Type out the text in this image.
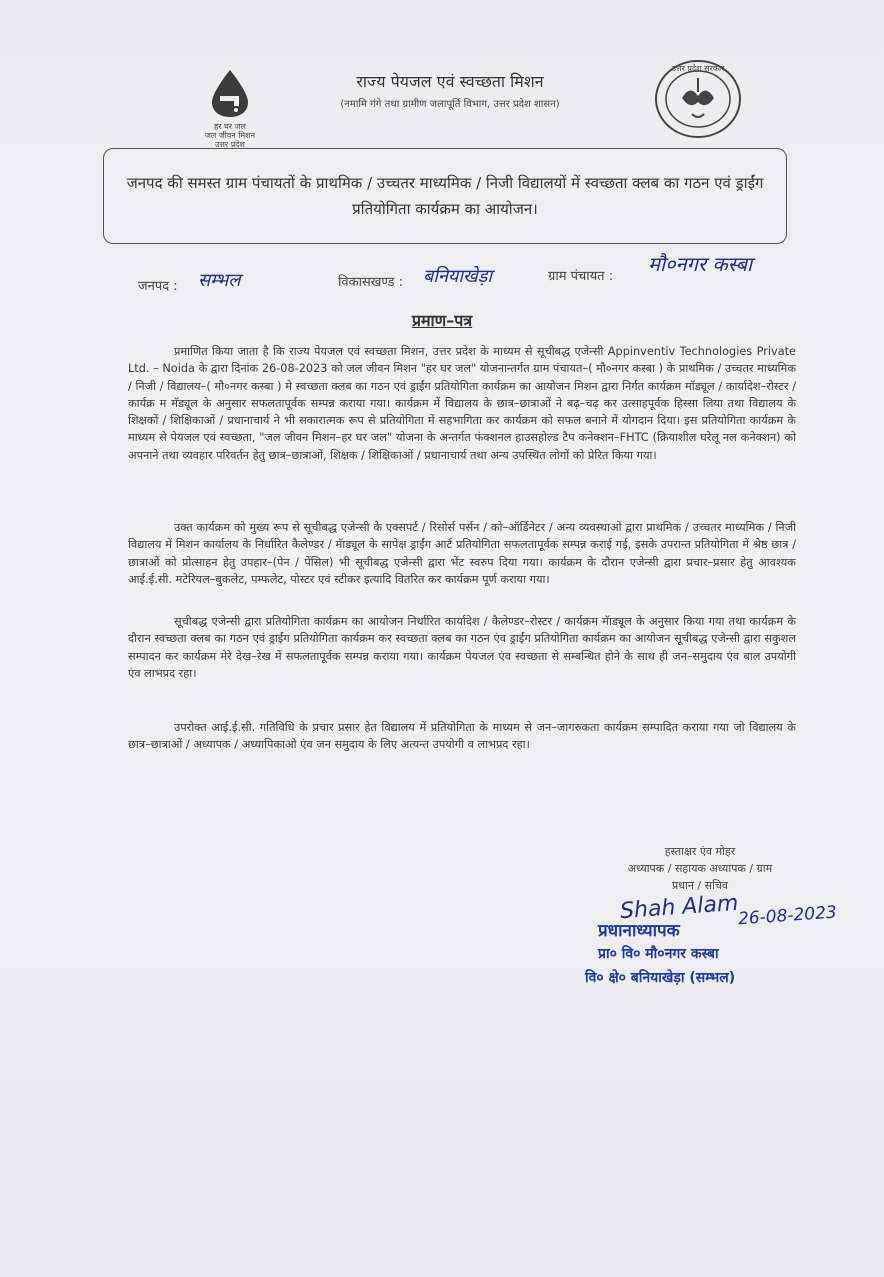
हर घर जल
जल जीवन मिशन
उत्तर प्रदेश
राज्य पेयजल एवं स्वच्छता मिशन
(नमामि गंगे तथा ग्रामीण जलापूर्ति विभाग, उत्तर प्रदेश शासन)
उत्तर प्रदेश सरकार
जनपद की समस्त ग्राम पंचायतों के प्राथमिक / उच्चतर माध्यमिक / निजी विद्यालयों में स्वच्छता क्लब का गठन एवं ड्राईंग प्रतियोगिता कार्यक्रम का आयोजन।
जनपद : सम्भल	विकासखण्ड : बनियाखेड़ा	ग्राम पंचायत :
मौ०नगर कस्बा
प्रमाण–पत्र
प्रमाणित किया जाता है कि राज्य पेयजल एवं स्वच्छता मिशन, उत्तर प्रदेश के माध्यम से सूचीबद्ध एजेन्सी Appinventiv Technologies Private Ltd. – Noida के द्वारा दिनांक 26-08-2023 को जल जीवन मिशन "हर घर जल" योजनान्तर्गत ग्राम पंचायत–( मौ०नगर कस्बा ) के प्राथमिक / उच्चतर माध्यमिक / निजी / विद्यालय–( मौ०नगर कस्बा ) मे स्वच्छता क्लब का गठन एवं ड्राईंग प्रतियोगिता कार्यक्रम का आयोजन मिशन द्वारा निर्गत कार्यक्रम मॉड्यूल / कार्यादेश–रोस्टर / कार्यक्र म मॅड्यूल के अनुसार सफलतापूर्वक सम्पन्न कराया गया। कार्यक्रम में विद्यालय के छात्र–छात्राओं ने बढ़–चढ़ कर उत्साहपूर्वक हिस्सा लिया तथा विद्यालय के शिक्षकों / शिक्षिकाओं / प्रधानाचार्य ने भी सकारात्मक रूप से प्रतियोगिता में सहभागिता कर कार्यक्रम को सफल बनाने में योगदान दिया। इस प्रतियोगिता कार्यक्रम के माध्यम से पेयजल एवं स्वच्छता, "जल जीवन मिशन–हर घर जल" योजना के अन्तर्गत फंक्शनल हाउसहोल्ड टैप कनेक्शन–FHTC (क्रियाशील घरेलू नल कनेक्शन) को अपनाने तथा व्यवहार परिवर्तन हेतु छात्र–छात्राओं, शिक्षक / शिक्षिकाओं / प्रधानाचार्य तथा अन्य उपस्थित लोगों को प्रेरित किया गया।
उक्त कार्यक्रम को मुख्य रूप से सूचीबद्ध एजेन्सी के एक्सपर्ट / रिसोर्स पर्सन / को–ऑर्डिनेटर / अन्य व्यवस्थाओं द्वारा प्राथमिक / उच्चतर माध्यमिक / निजी विद्यालय में मिशन कार्यालय के निर्धारित कैलेण्डर / मॅाड्यूल के सापेक्ष ड्राईंग आर्ट प्रतियोगिता सफलतापूर्वक सम्पन्न कराई गई, इसके उपरान्त प्रतियोगिता में श्रेष्ठ छात्र / छात्राओं को प्रोत्साहन हेतु उपहार–(पेन / पेंसिल) भी सूचीबद्ध एजेन्सी द्वारा भेंट स्वरुप दिया गया। कार्यक्रम के दौरान एजेन्सी द्वारा प्रचार–प्रसार हेतु आवश्यक आई.ई.सी. मटेरियल–बुकलेट, पम्फलेट, पोस्टर एवं स्टीकर इत्यादि वितरित कर कार्यक्रम पूर्ण कराया गया।
सूचीबद्ध एजेन्सी द्वारा प्रतियोगिता कार्यक्रम का आयोजन निर्धारित कार्यादेश / कैलेण्डर–रोस्टर / कार्यक्रम मॅाड्यूल के अनुसार किया गया तथा कार्यक्रम के दौरान स्वच्छता क्लब का गठन एवं ड्राईंग प्रतियोगिता कार्यक्रम कर स्वच्छता क्लब का गठन एंव ड्राईंग प्रतियोगिता कार्यक्रम का आयोजन सूचीबद्ध एजेन्सी द्वारा सकुशल सम्पादन कर कार्यक्रम मेरे देख–रेख में सफलतापूर्वक सम्पन्न कराया गया। कार्यक्रम पेयजल एंव स्वच्छता से सम्बन्धित होने के साथ ही जन–समुदाय एंव बाल उपयोगी एंव लाभप्रद रहा।
उपरोक्त आई.ई.सी. गतिविधि के प्रचार प्रसार हेत विद्यालय में प्रतियोगिता के माध्यम से जन–जागरुकता कार्यक्रम सम्पादित कराया गया जो विद्यालय के छात्र–छात्राओं / अध्यापक / अध्यापिकाओ एंव जन समुदाय के लिए अत्यन्त उपयोगी व लाभप्रद रहा।
हस्ताक्षर एंव मोहर
अध्यापक / सहायक अध्यापक / ग्राम
प्रधान / सचिव
Shah Alam
26-08-2023
प्रधानाध्यापक
प्रा० वि० मौ०नगर कस्बा
वि० क्षे० बनियाखेड़ा (सम्भल)
